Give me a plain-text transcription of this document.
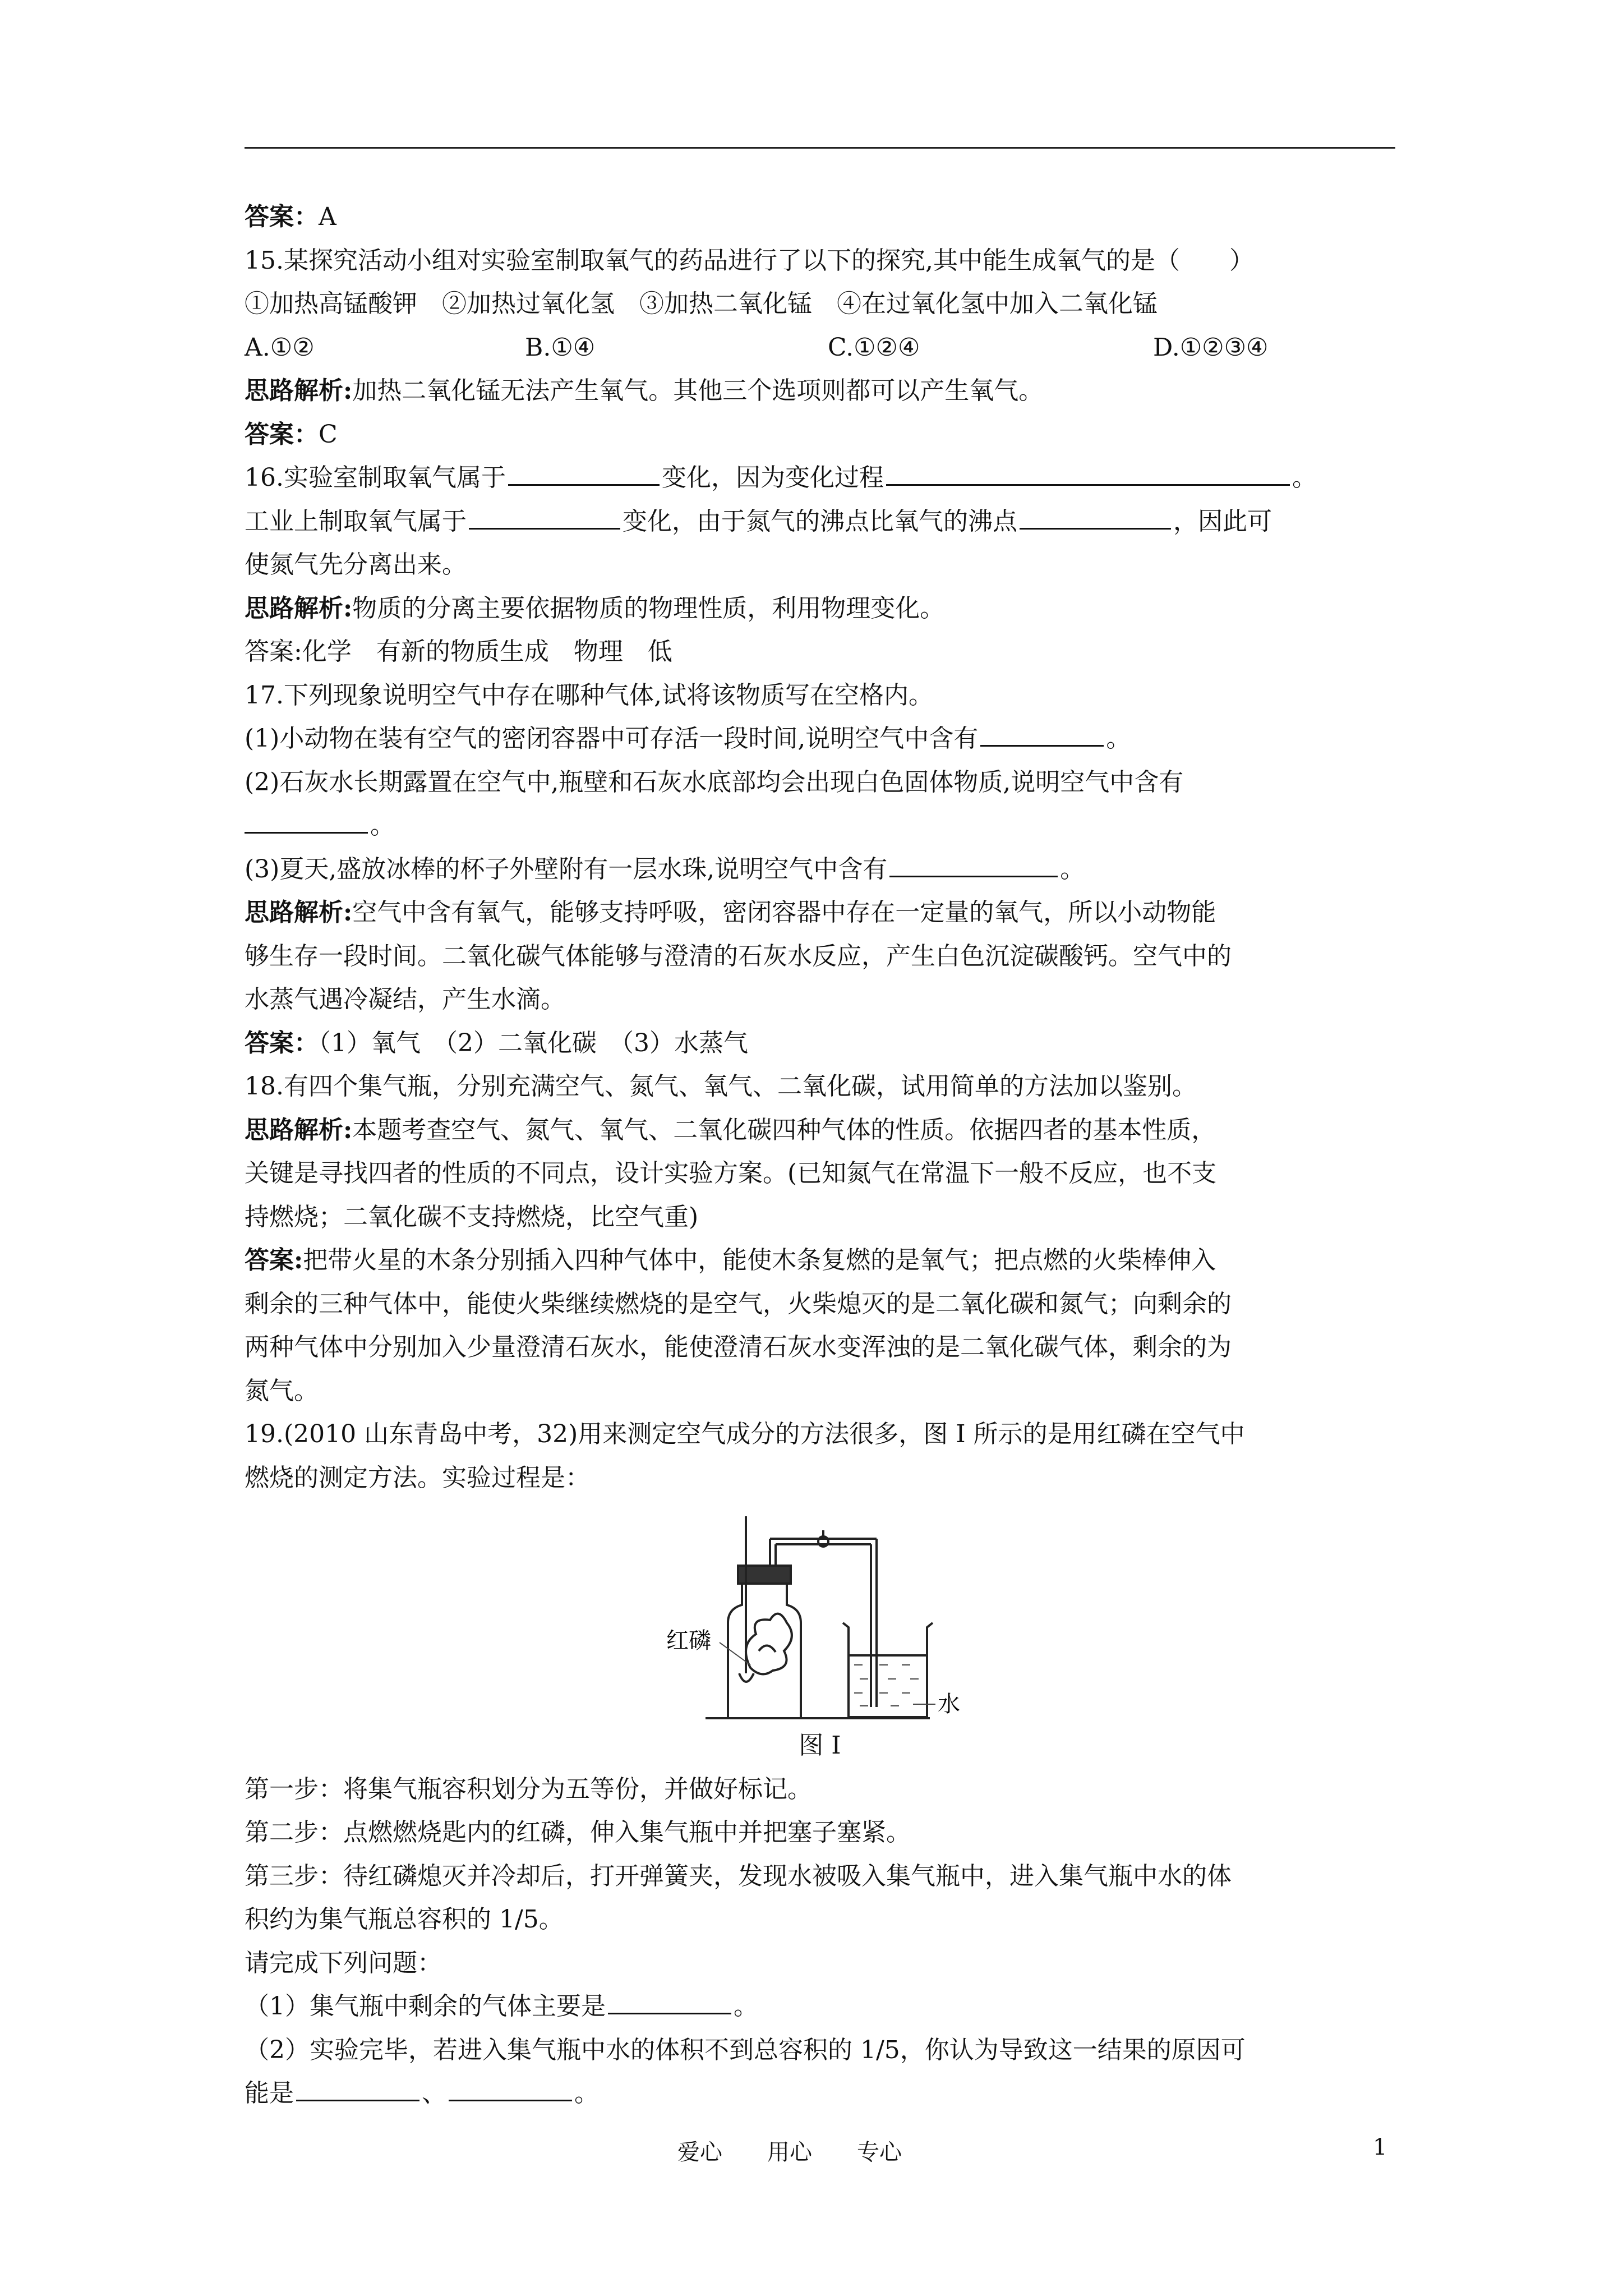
答案：A
15.某探究活动小组对实验室制取氧气的药品进行了以下的探究,其中能生成氧气的是（　　）
①加热高锰酸钾　②加热过氧化氢　③加热二氧化锰　④在过氧化氢中加入二氧化锰
A.①②	B.①④	C.①②④	D.①②③④
思路解析:加热二氧化锰无法产生氧气。其他三个选项则都可以产生氧气。
答案：C
16.实验室制取氧气属于	变化，因为变化过程	。
工业上制取氧气属于	变化，由于氮气的沸点比氧气的沸点	，因此可
使氮气先分离出来。
思路解析:物质的分离主要依据物质的物理性质，利用物理变化。
答案:化学　有新的物质生成　物理　低
17.下列现象说明空气中存在哪种气体,试将该物质写在空格内。
(1)小动物在装有空气的密闭容器中可存活一段时间,说明空气中含有	。
(2)石灰水长期露置在空气中,瓶壁和石灰水底部均会出现白色固体物质,说明空气中含有
。
(3)夏天,盛放冰棒的杯子外壁附有一层水珠,说明空气中含有	。
思路解析:空气中含有氧气，能够支持呼吸，密闭容器中存在一定量的氧气，所以小动物能
够生存一段时间。二氧化碳气体能够与澄清的石灰水反应，产生白色沉淀碳酸钙。空气中的
水蒸气遇冷凝结，产生水滴。
答案：（1）氧气　（2）二氧化碳　（3）水蒸气
18.有四个集气瓶，分别充满空气、氮气、氧气、二氧化碳，试用简单的方法加以鉴别。
思路解析:本题考查空气、氮气、氧气、二氧化碳四种气体的性质。依据四者的基本性质，
关键是寻找四者的性质的不同点，设计实验方案。(已知氮气在常温下一般不反应，也不支
持燃烧；二氧化碳不支持燃烧，比空气重)
答案:把带火星的木条分别插入四种气体中，能使木条复燃的是氧气；把点燃的火柴棒伸入
剩余的三种气体中，能使火柴继续燃烧的是空气，火柴熄灭的是二氧化碳和氮气；向剩余的
两种气体中分别加入少量澄清石灰水，能使澄清石灰水变浑浊的是二氧化碳气体，剩余的为
氮气。
19.(2010 山东青岛中考，32)用来测定空气成分的方法很多，图 I 所示的是用红磷在空气中
燃烧的测定方法。实验过程是：
红磷
水
图 I
第一步：将集气瓶容积划分为五等份，并做好标记。
第二步：点燃燃烧匙内的红磷，伸入集气瓶中并把塞子塞紧。
第三步：待红磷熄灭并冷却后，打开弹簧夹，发现水被吸入集气瓶中，进入集气瓶中水的体
积约为集气瓶总容积的 1/5。
请完成下列问题：
（1）集气瓶中剩余的气体主要是	。
（2）实验完毕，若进入集气瓶中水的体积不到总容积的 1/5，你认为导致这一结果的原因可
能是	、	。
爱心　　用心　　专心	1
